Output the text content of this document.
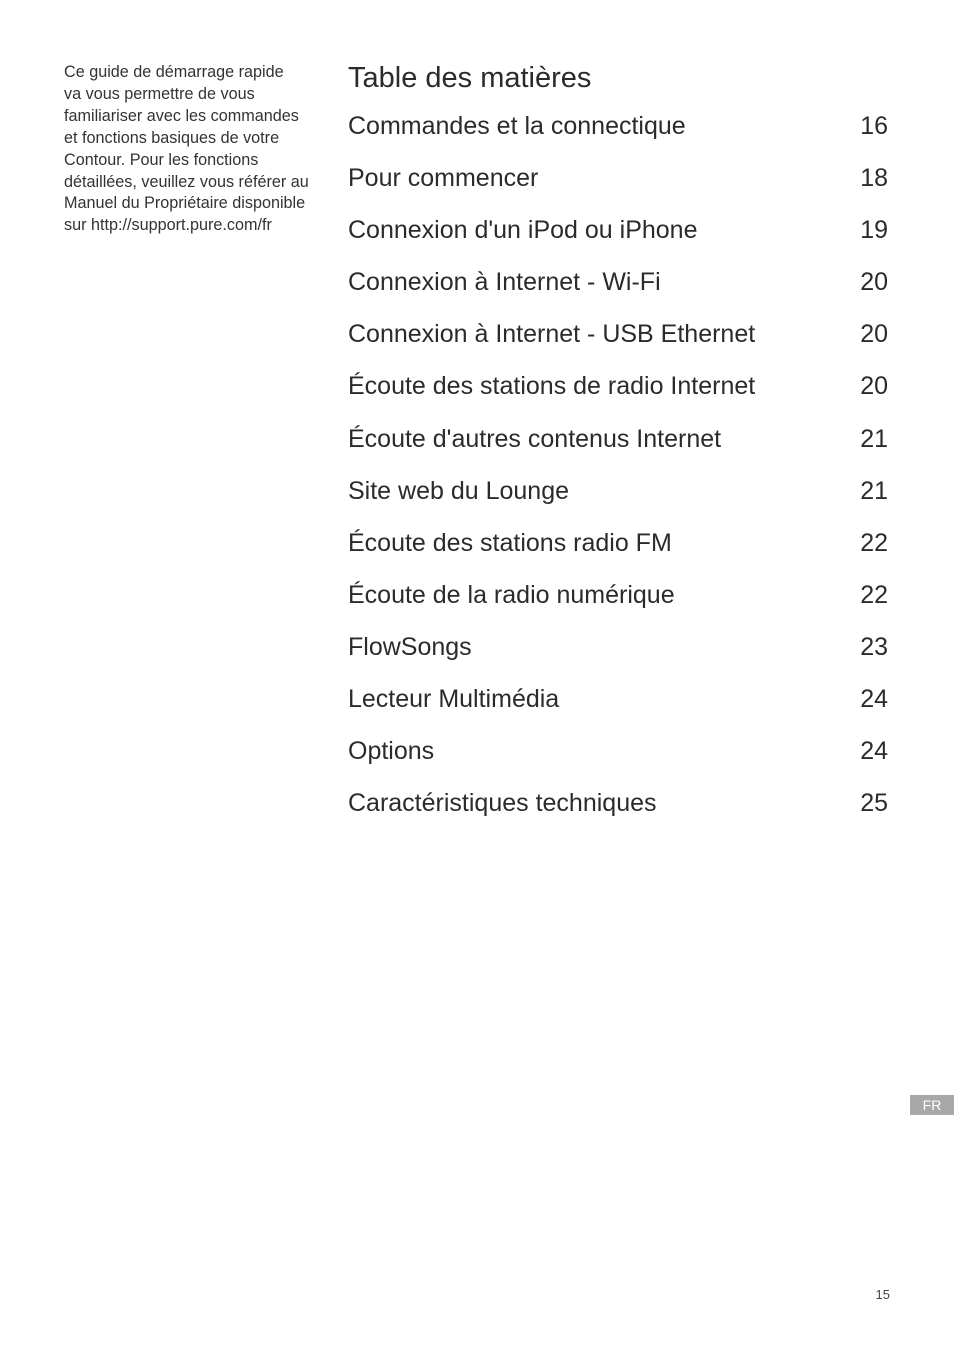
Ce guide de démarrage rapide
va vous permettre de vous
familiariser avec les commandes
et fonctions basiques de votre
Contour. Pour les fonctions
détaillées, veuillez vous référer au
Manuel du Propriétaire disponible
sur http://support.pure.com/fr
Table des matières
Commandes et la connectique	16
Pour commencer	18
Connexion d'un iPod ou iPhone	19
Connexion à Internet - Wi-Fi	20
Connexion à Internet - USB Ethernet	20
Écoute des stations de radio Internet	20
Écoute d'autres contenus Internet	21
Site web du Lounge	21
Écoute des stations radio FM	22
Écoute de la radio numérique	22
FlowSongs	23
Lecteur Multimédia	24
Options	24
Caractéristiques techniques	25
FR
15
